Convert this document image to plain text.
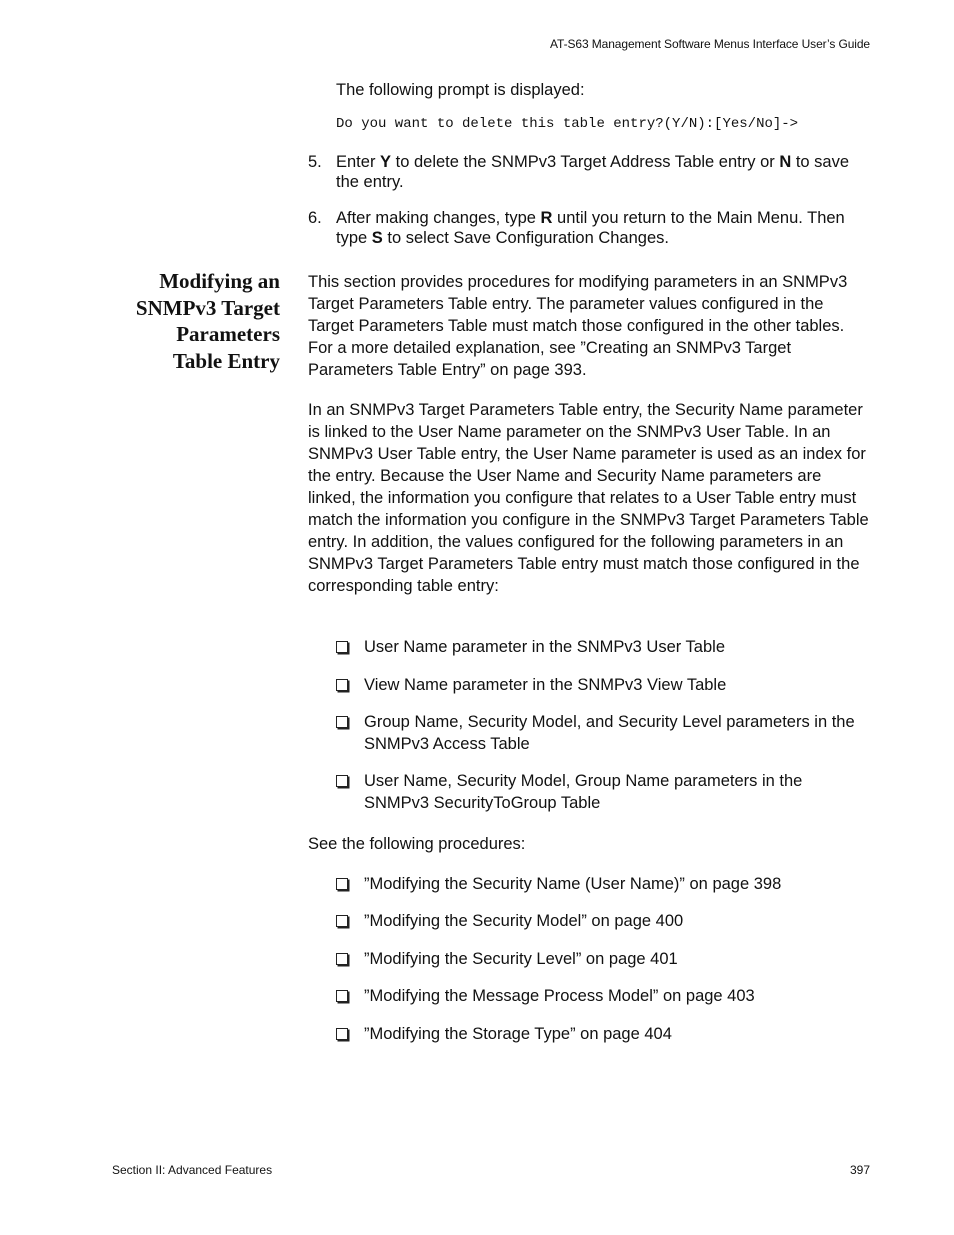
AT-S63 Management Software Menus Interface User’s Guide

The following prompt is displayed:

Do you want to delete this table entry?(Y/N):[Yes/No]->
5. Enter Y to delete the SNMPv3 Target Address Table entry or N to save the entry.
6. After making changes, type R until you return to the Main Menu. Then type S to select Save Configuration Changes.
Modifying an
SNMPv3 Target
Parameters
Table Entry

This section provides procedures for modifying parameters in an SNMPv3 Target Parameters Table entry. The parameter values configured in the Target Parameters Table must match those configured in the other tables. For a more detailed explanation, see ”Creating an SNMPv3 Target Parameters Table Entry” on page 393.

In an SNMPv3 Target Parameters Table entry, the Security Name parameter is linked to the User Name parameter on the SNMPv3 User Table. In an SNMPv3 User Table entry, the User Name parameter is used as an index for the entry. Because the User Name and Security Name parameters are linked, the information you configure that relates to a User Table entry must match the information you configure in the SNMPv3 Target Parameters Table entry. In addition, the values configured for the following parameters in an SNMPv3 Target Parameters Table entry must match those configured in the corresponding table entry:

User Name parameter in the SNMPv3 User Table
View Name parameter in the SNMPv3 View Table
Group Name, Security Model, and Security Level parameters in the SNMPv3 Access Table
User Name, Security Model, Group Name parameters in the SNMPv3 SecurityToGroup Table

See the following procedures:

”Modifying the Security Name (User Name)” on page 398
”Modifying the Security Model” on page 400
”Modifying the Security Level” on page 401
”Modifying the Message Process Model” on page 403
”Modifying the Storage Type” on page 404
Section II: Advanced Features	397
